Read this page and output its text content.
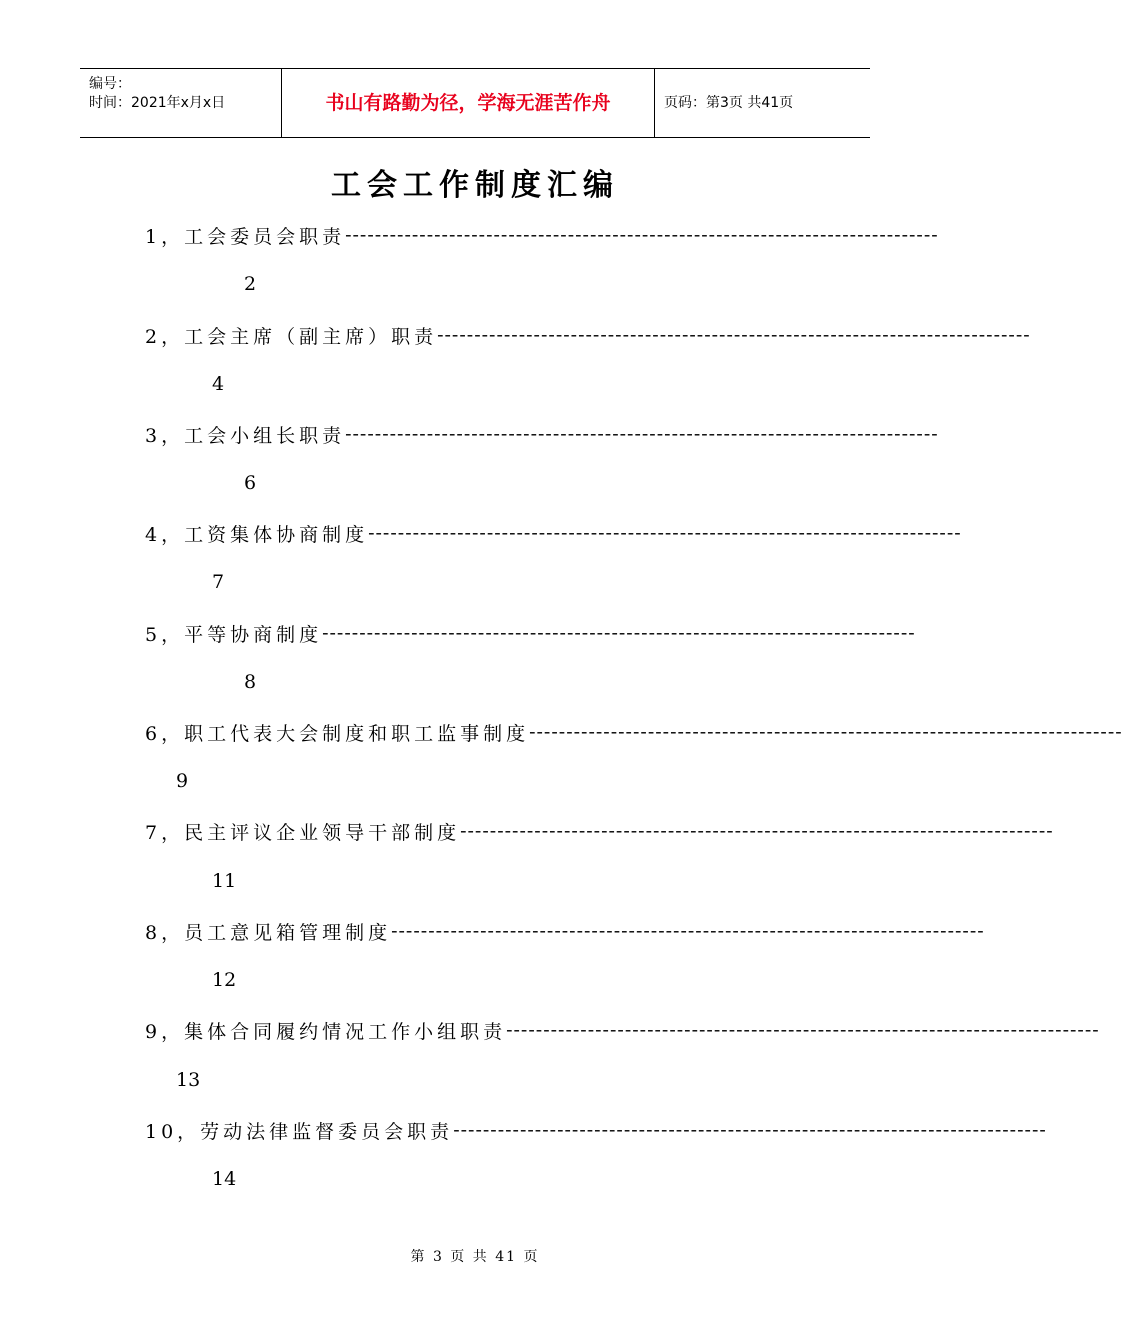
编号：
时间：2021年x月x日	书山有路勤为径，学海无涯苦作舟	页码：第3页 共41页
工会工作制度汇编
1，工会委员会职责 --------------------------------------------------------------------------------
2
2，工会主席（副主席）职责 --------------------------------------------------------------------------------
4
3，工会小组长职责 --------------------------------------------------------------------------------
6
4，工资集体协商制度 --------------------------------------------------------------------------------
7
5，平等协商制度 --------------------------------------------------------------------------------
8
6，职工代表大会制度和职工监事制度 --------------------------------------------------------------------------------
9
7，民主评议企业领导干部制度 --------------------------------------------------------------------------------
11
8，员工意见箱管理制度 --------------------------------------------------------------------------------
12
9，集体合同履约情况工作小组职责 --------------------------------------------------------------------------------
13
10，劳动法律监督委员会职责 --------------------------------------------------------------------------------
14
第 3 页 共 41 页
